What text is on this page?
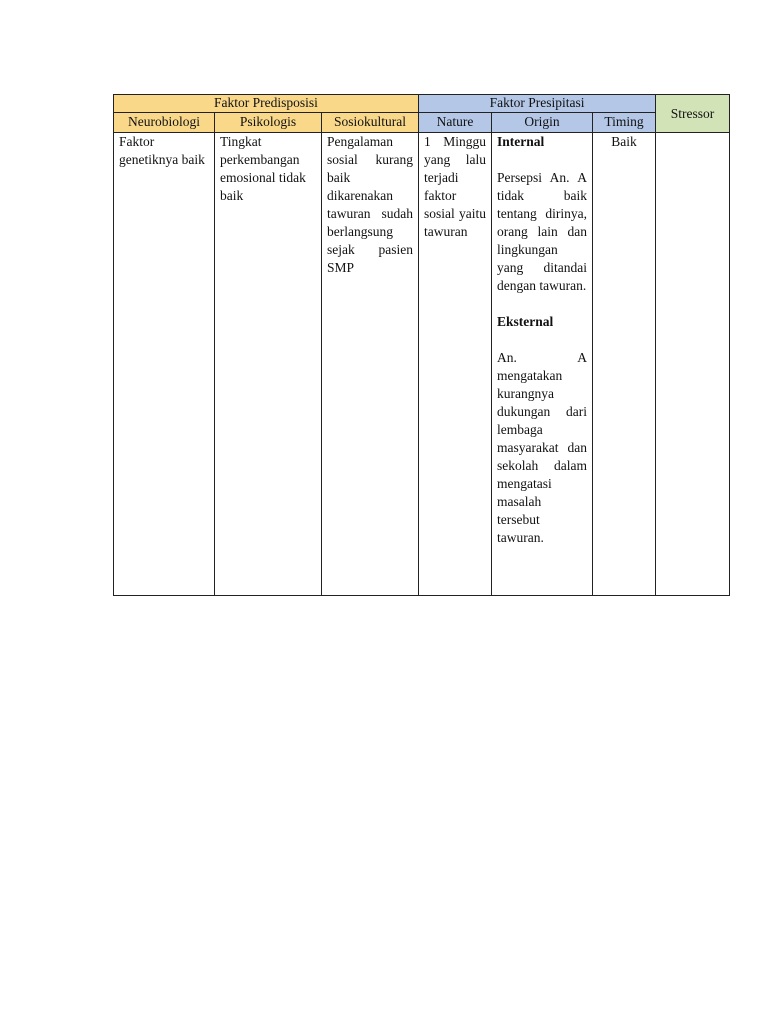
Faktor Predisposisi			Faktor Presipitasi			Stressor
Neurobiologi	Psikologis	Sosiokultural	Nature	Origin	Timing	
Faktor genetiknya baik	Tingkat perkembangan emosional tidak baik	Pengalaman sosial kurang baik dikarenakan tawuran sudah berlangsung sejak pasien SMP	1 Minggu yang lalu terjadi faktor sosial yaitu tawuran	Internal

Persepsi An. A tidak baik tentang dirinya, orang lain dan lingkungan yang ditandai dengan tawuran.

Eksternal

An. A mengatakan kurangnya dukungan dari lembaga masyarakat dan sekolah dalam mengatasi masalah tersebut tawuran.	Baik	
